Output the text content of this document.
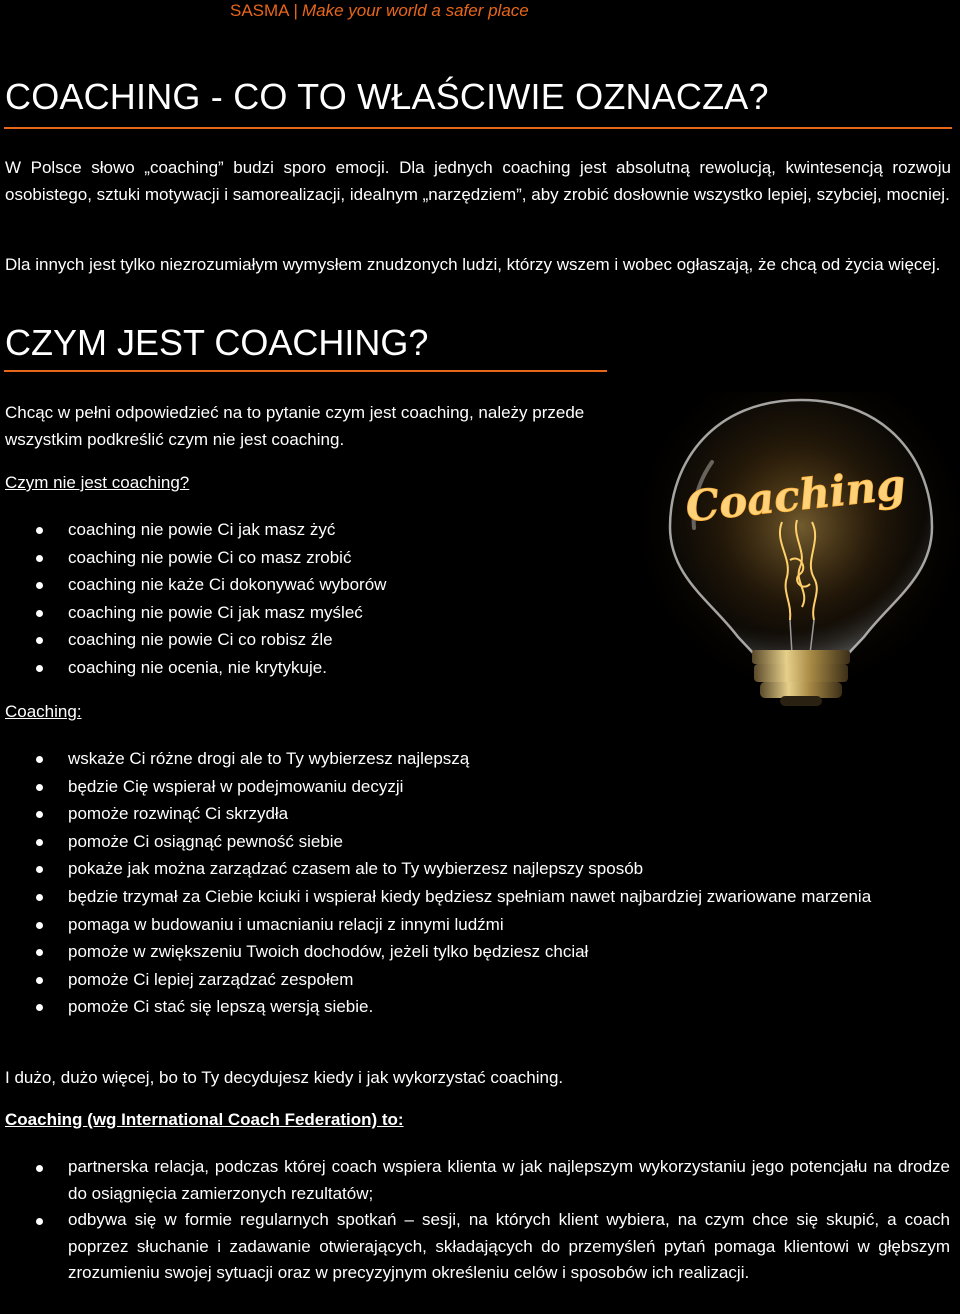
SASMA | Make your world a safer place
COACHING - CO TO WŁAŚCIWIE OZNACZA?
W Polsce słowo „coaching” budzi sporo emocji. Dla jednych coaching jest absolutną rewolucją, kwintesencją rozwoju osobistego, sztuki motywacji i samorealizacji, idealnym „narzędziem”, aby zrobić dosłownie wszystko lepiej, szybciej, mocniej.
Dla innych jest tylko niezrozumiałym wymysłem znudzonych ludzi, którzy wszem i wobec ogłaszają, że chcą od życia więcej.
CZYM JEST COACHING?
Chcąc w pełni odpowiedzieć na to pytanie czym jest coaching, należy przede wszystkim podkreślić czym nie jest coaching.
Czym nie jest coaching?
coaching nie powie Ci jak masz żyć
coaching nie powie Ci co masz zrobić
coaching nie każe Ci dokonywać wyborów
coaching nie powie Ci jak masz myśleć
coaching nie powie Ci co robisz źle
coaching nie ocenia, nie krytykuje.
Coaching:
wskaże Ci różne drogi ale to Ty wybierzesz najlepszą
będzie Cię wspierał w podejmowaniu decyzji
pomoże rozwinąć Ci skrzydła
pomoże Ci osiągnąć pewność siebie
pokaże jak można zarządzać czasem ale to Ty wybierzesz najlepszy sposób
będzie trzymał za Ciebie kciuki i wspierał kiedy będziesz spełniam nawet najbardziej zwariowane marzenia
pomaga w budowaniu i umacnianiu relacji z innymi ludźmi
pomoże w zwiększeniu Twoich dochodów, jeżeli tylko będziesz chciał
pomoże Ci lepiej zarządzać zespołem
pomoże Ci stać się lepszą wersją siebie.
I dużo, dużo więcej, bo to Ty decydujesz kiedy i jak wykorzystać coaching.
Coaching (wg International Coach Federation) to:
partnerska relacja, podczas której coach wspiera klienta w jak najlepszym wykorzystaniu jego potencjału na drodze do osiągnięcia zamierzonych rezultatów;
odbywa się w formie regularnych spotkań – sesji, na których klient wybiera, na czym chce się skupić, a coach poprzez słuchanie i zadawanie otwierających, składających do przemyśleń pytań pomaga klientowi w głębszym zrozumieniu swojej sytuacji oraz w precyzyjnym określeniu celów i sposobów ich realizacji.
Coaching
